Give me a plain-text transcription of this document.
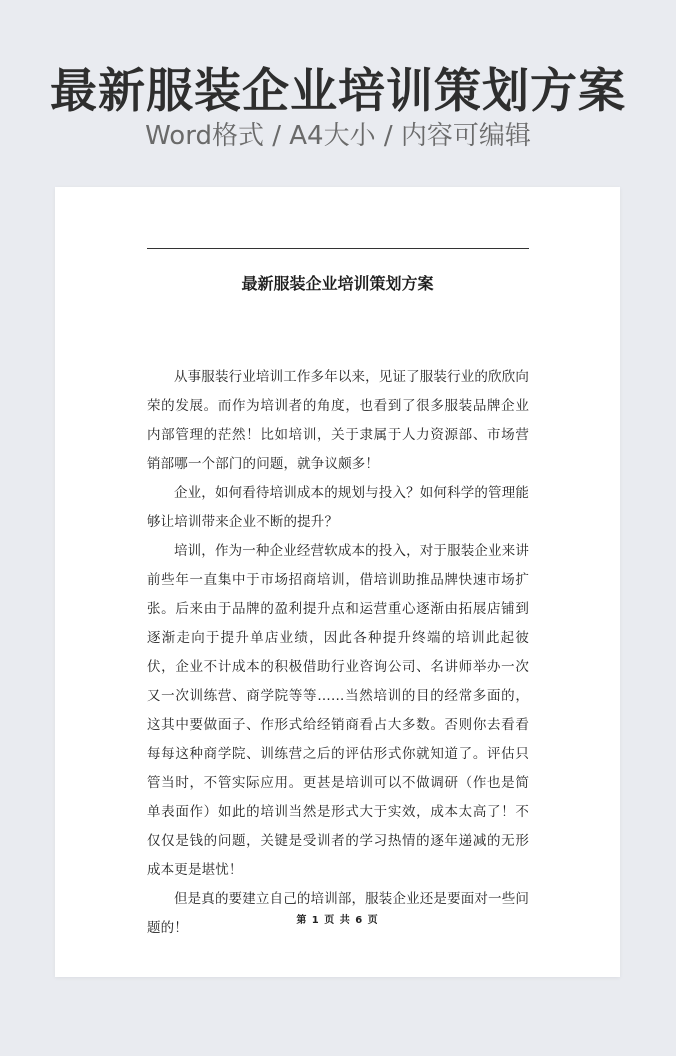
最新服装企业培训策划方案
Word格式 / A4大小 / 内容可编辑
最新服装企业培训策划方案

从事服装行业培训工作多年以来，见证了服装行业的欣欣向荣的发展。而作为培训者的角度，也看到了很多服装品牌企业内部管理的茫然！比如培训，关于隶属于人力资源部、市场营销部哪一个部门的问题，就争议颇多！

企业，如何看待培训成本的规划与投入？如何科学的管理能够让培训带来企业不断的提升？

培训，作为一种企业经营软成本的投入，对于服装企业来讲前些年一直集中于市场招商培训，借培训助推品牌快速市场扩张。后来由于品牌的盈利提升点和运营重心逐渐由拓展店铺到逐渐走向于提升单店业绩，因此各种提升终端的培训此起彼伏，企业不计成本的积极借助行业咨询公司、名讲师举办一次又一次训练营、商学院等等……当然培训的目的经常多面的，这其中要做面子、作形式给经销商看占大多数。否则你去看看每每这种商学院、训练营之后的评估形式你就知道了。评估只管当时，不管实际应用。更甚是培训可以不做调研（作也是简单表面作）如此的培训当然是形式大于实效，成本太高了！不仅仅是钱的问题，关键是受训者的学习热情的逐年递减的无形成本更是堪忧！

但是真的要建立自己的培训部，服装企业还是要面对一些问题的！	第 1 页 共 6 页
